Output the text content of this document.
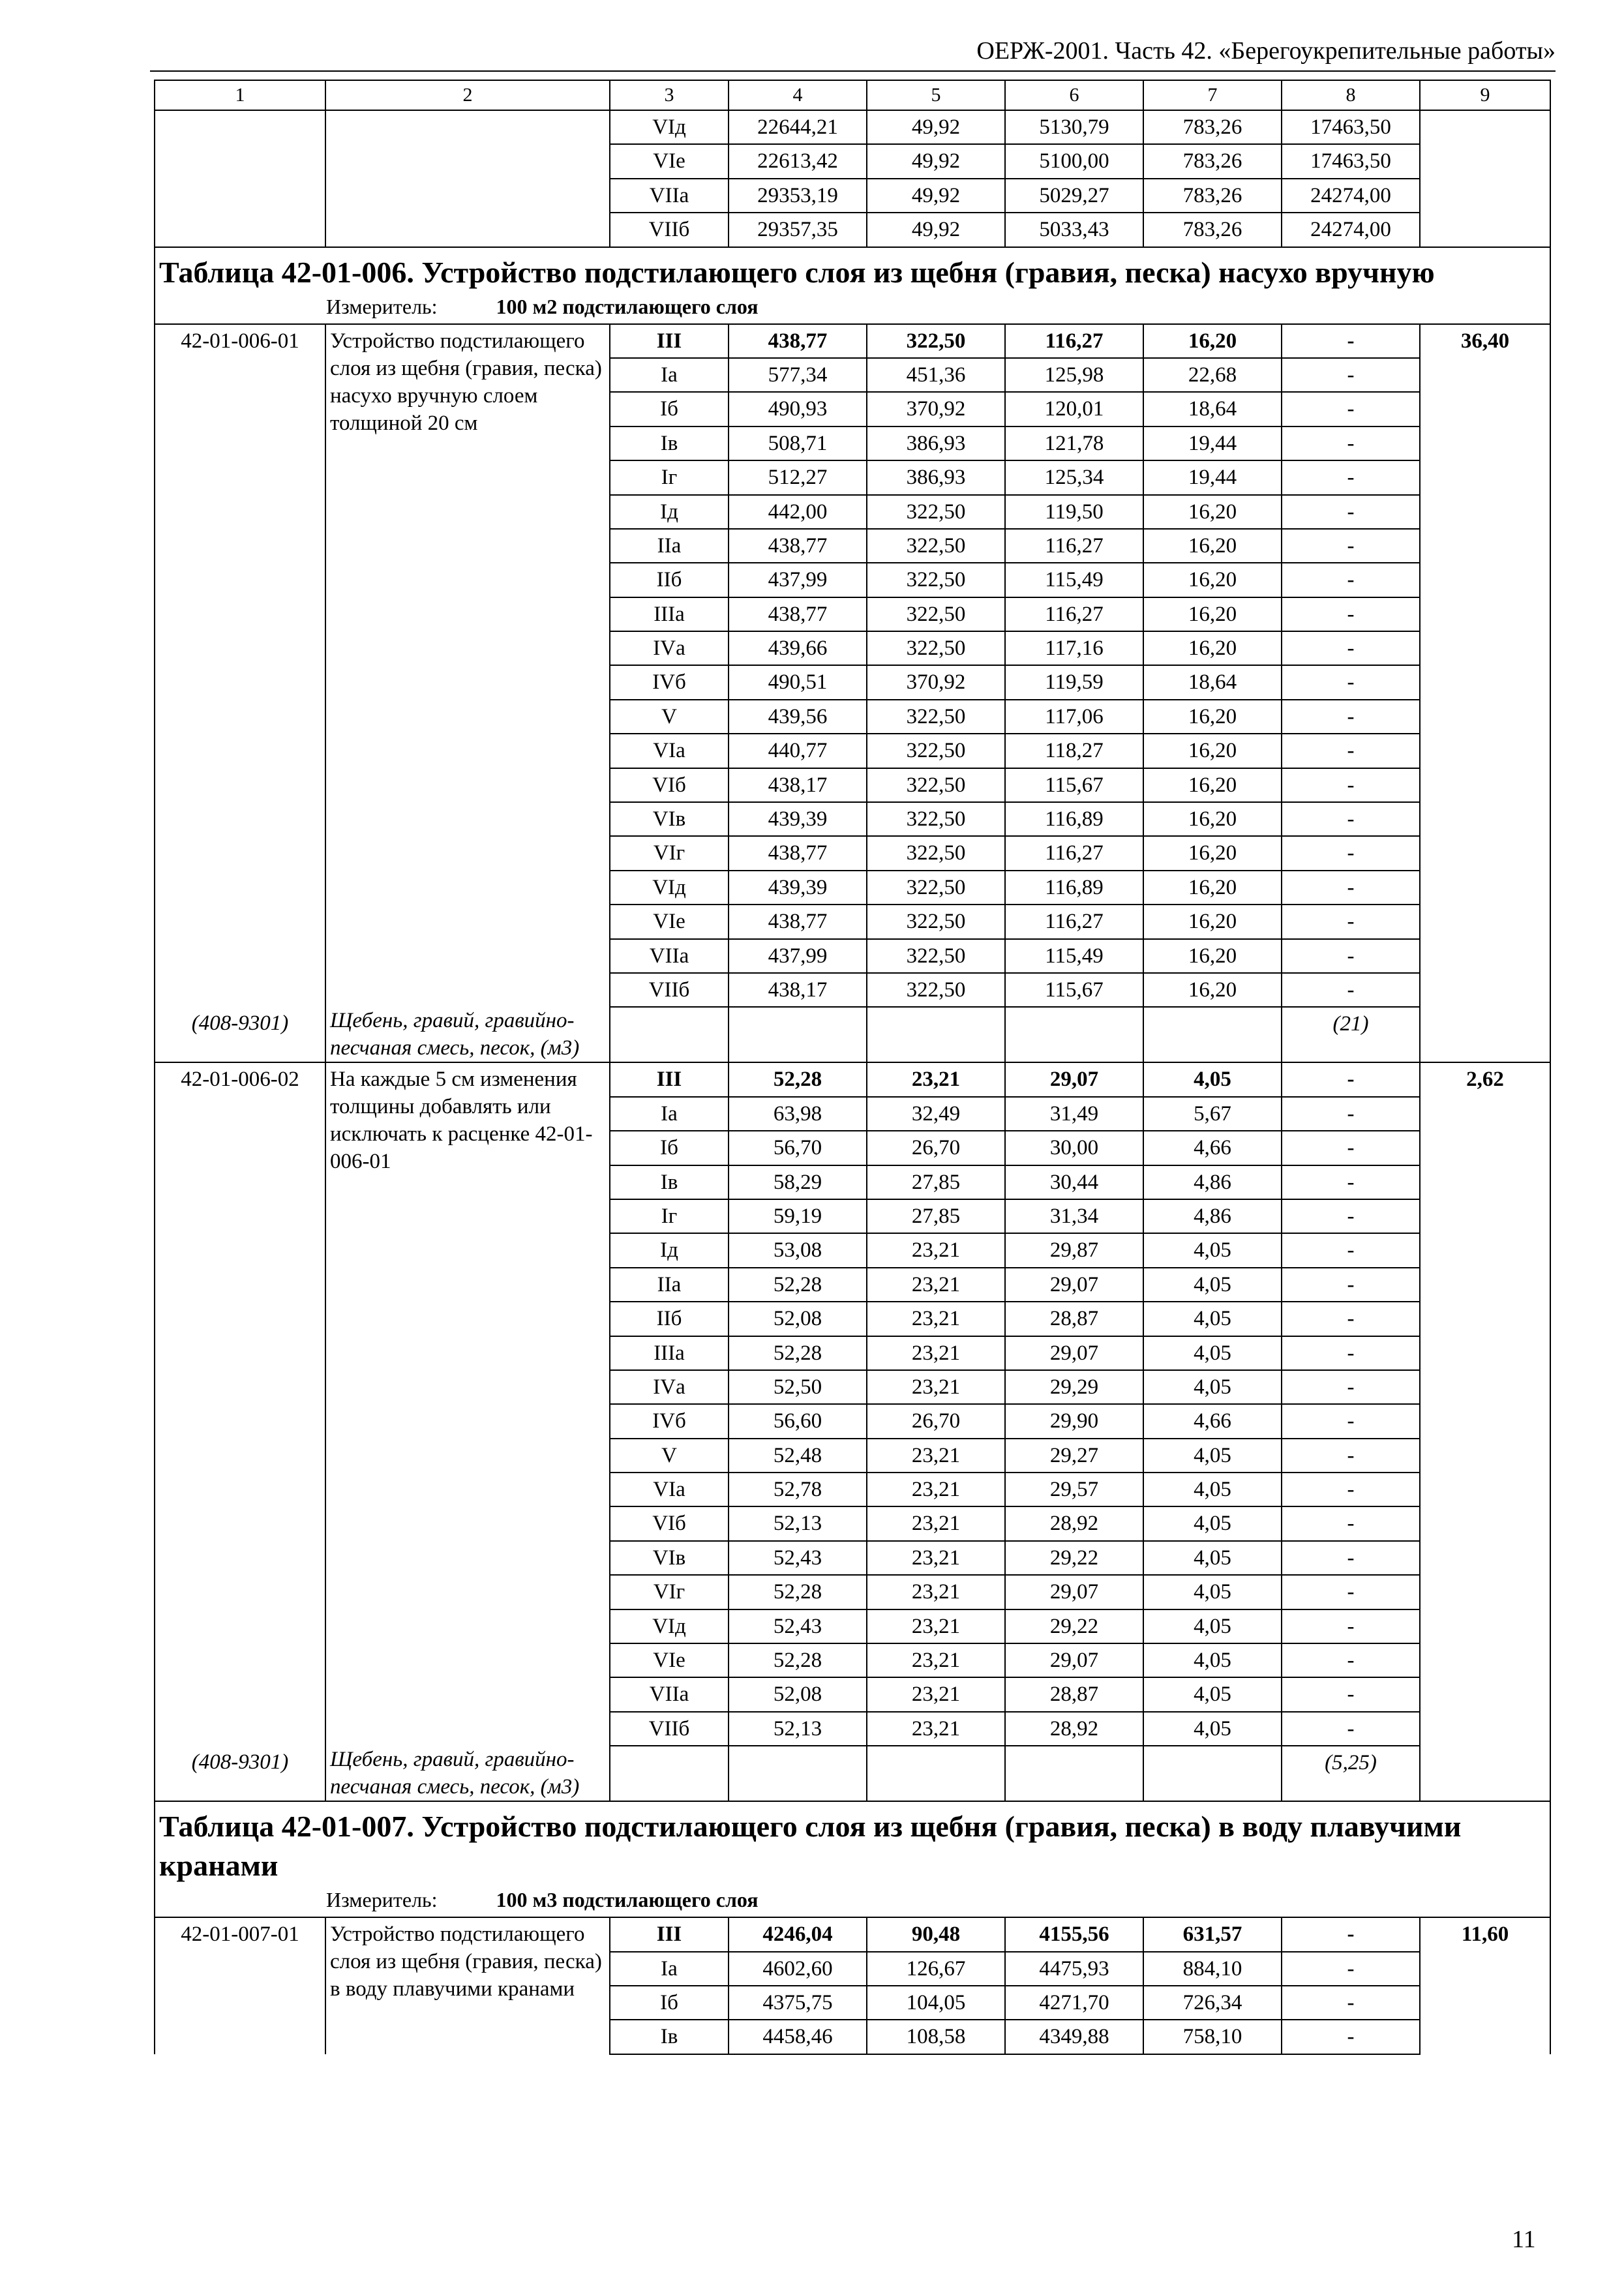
ОЕРЖ-2001. Часть 42. «Берегоукрепительные работы»
1	2	3	4	5	6	7	8	9
		VIд	22644,21	49,92	5130,79	783,26	17463,50	
		VIе	22613,42	49,92	5100,00	783,26	17463,50	
		VIIа	29353,19	49,92	5029,27	783,26	24274,00	
		VIIб	29357,35	49,92	5033,43	783,26	24274,00	
Таблица 42-01-006. Устройство подстилающего слоя из щебня (гравия, песка) насухо вручную								

Измеритель: 100 м2 подстилающего слоя								

42-01-006-01	Устройство подстилающего слоя из щебня (гравия, песка) насухо вручную слоем толщиной 20 см	III	438,77	322,50	116,27	16,20	-	36,40
		Iа	577,34	451,36	125,98	22,68	-	
		Iб	490,93	370,92	120,01	18,64	-	
		Iв	508,71	386,93	121,78	19,44	-	
		Iг	512,27	386,93	125,34	19,44	-	
		Iд	442,00	322,50	119,50	16,20	-	
		IIа	438,77	322,50	116,27	16,20	-	
		IIб	437,99	322,50	115,49	16,20	-	
		IIIа	438,77	322,50	116,27	16,20	-	
		IVа	439,66	322,50	117,16	16,20	-	
		IVб	490,51	370,92	119,59	18,64	-	
		V	439,56	322,50	117,06	16,20	-	
		VIа	440,77	322,50	118,27	16,20	-	
		VIб	438,17	322,50	115,67	16,20	-	
		VIв	439,39	322,50	116,89	16,20	-	
		VIг	438,77	322,50	116,27	16,20	-	
		VIд	439,39	322,50	116,89	16,20	-	
		VIе	438,77	322,50	116,27	16,20	-	
		VIIа	437,99	322,50	115,49	16,20	-	
		VIIб	438,17	322,50	115,67	16,20	-	
(408-9301)	Щебень, гравий, гравийно-песчаная смесь, песок, (м3)						(21)	
42-01-006-02	На каждые 5 см изменения толщины добавлять или исключать к расценке 42-01-006-01	III	52,28	23,21	29,07	4,05	-	2,62
		Iа	63,98	32,49	31,49	5,67	-	
		Iб	56,70	26,70	30,00	4,66	-	
		Iв	58,29	27,85	30,44	4,86	-	
		Iг	59,19	27,85	31,34	4,86	-	
		Iд	53,08	23,21	29,87	4,05	-	
		IIа	52,28	23,21	29,07	4,05	-	
		IIб	52,08	23,21	28,87	4,05	-	
		IIIа	52,28	23,21	29,07	4,05	-	
		IVа	52,50	23,21	29,29	4,05	-	
		IVб	56,60	26,70	29,90	4,66	-	
		V	52,48	23,21	29,27	4,05	-	
		VIа	52,78	23,21	29,57	4,05	-	
		VIб	52,13	23,21	28,92	4,05	-	
		VIв	52,43	23,21	29,22	4,05	-	
		VIг	52,28	23,21	29,07	4,05	-	
		VIд	52,43	23,21	29,22	4,05	-	
		VIе	52,28	23,21	29,07	4,05	-	
		VIIа	52,08	23,21	28,87	4,05	-	
		VIIб	52,13	23,21	28,92	4,05	-	
(408-9301)	Щебень, гравий, гравийно-песчаная смесь, песок, (м3)						(5,25)	
Таблица 42-01-007. Устройство подстилающего слоя из щебня (гравия, песка) в воду плавучими кранами								

Измеритель: 100 м3 подстилающего слоя								

42-01-007-01	Устройство подстилающего слоя из щебня (гравия, песка) в воду плавучими кранами	III	4246,04	90,48	4155,56	631,57	-	11,60
		Iа	4602,60	126,67	4475,93	884,10	-	
		Iб	4375,75	104,05	4271,70	726,34	-	
		Iв	4458,46	108,58	4349,88	758,10	-	
11
